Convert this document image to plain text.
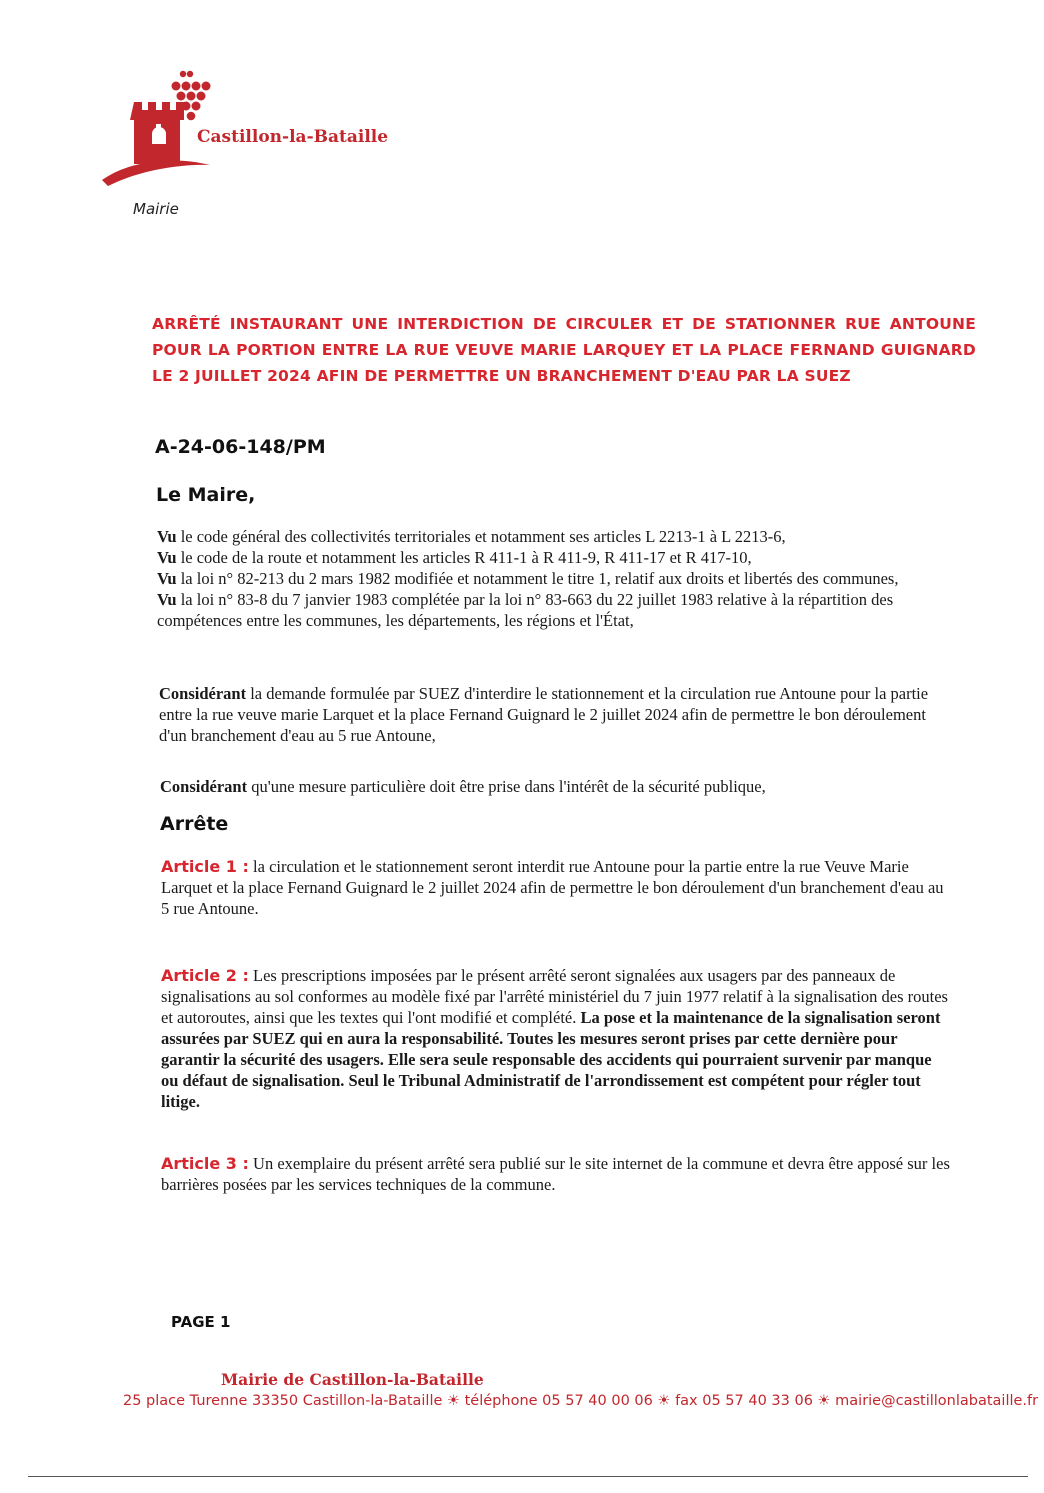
Castillon-la-Bataille
Mairie
ARRÊTÉ INSTAURANT UNE INTERDICTION DE CIRCULER ET DE STATIONNER RUE ANTOUNE POUR LA PORTION ENTRE LA RUE VEUVE MARIE LARQUEY ET LA PLACE FERNAND GUIGNARD LE 2 JUILLET 2024 AFIN DE PERMETTRE UN BRANCHEMENT D'EAU PAR LA SUEZ
A-24-06-148/PM
Le Maire,

Vu le code général des collectivités territoriales et notamment ses articles L 2213-1 à L 2213-6,

Vu le code de la route et notamment les articles R 411-1 à R 411-9, R 411-17 et R 417-10,

Vu la loi n° 82-213 du 2 mars 1982 modifiée et notamment le titre 1, relatif aux droits et libertés des communes,

Vu la loi n° 83-8 du 7 janvier 1983 complétée par la loi n° 83-663 du 22 juillet 1983 relative à la répartition des compétences entre les communes, les départements, les régions et l'État,

Considérant la demande formulée par SUEZ d'interdire le stationnement et la circulation rue Antoune pour la partie entre la rue veuve marie Larquet et la place Fernand Guignard le 2 juillet 2024 afin de permettre le bon déroulement d'un branchement d'eau au 5 rue Antoune,
Considérant qu'une mesure particulière doit être prise dans l'intérêt de la sécurité publique,
Arrête
Article 1 : la circulation et le stationnement seront interdit rue Antoune pour la partie entre la rue Veuve Marie Larquet et la place Fernand Guignard le 2 juillet 2024 afin de permettre le bon déroulement d'un branchement d'eau au 5 rue Antoune.
Article 2 : Les prescriptions imposées par le présent arrêté seront signalées aux usagers par des panneaux de signalisations au sol conformes au modèle fixé par l'arrêté ministériel du 7 juin 1977 relatif à la signalisation des routes et autoroutes, ainsi que les textes qui l'ont modifié et complété. La pose et la maintenance de la signalisation seront assurées par SUEZ qui en aura la responsabilité. Toutes les mesures seront prises par cette dernière pour garantir la sécurité des usagers. Elle sera seule responsable des accidents qui pourraient survenir par manque ou défaut de signalisation. Seul le Tribunal Administratif de l'arrondissement est compétent pour régler tout litige.
Article 3 : Un exemplaire du présent arrêté sera publié sur le site internet de la commune et devra être apposé sur les barrières posées par les services techniques de la commune.
PAGE 1
Mairie de Castillon-la-Bataille
25 place Turenne 33350 Castillon-la-Bataille ☀ téléphone 05 57 40 00 06 ☀ fax 05 57 40 33 06 ☀ mairie@castillonlabataille.fr
